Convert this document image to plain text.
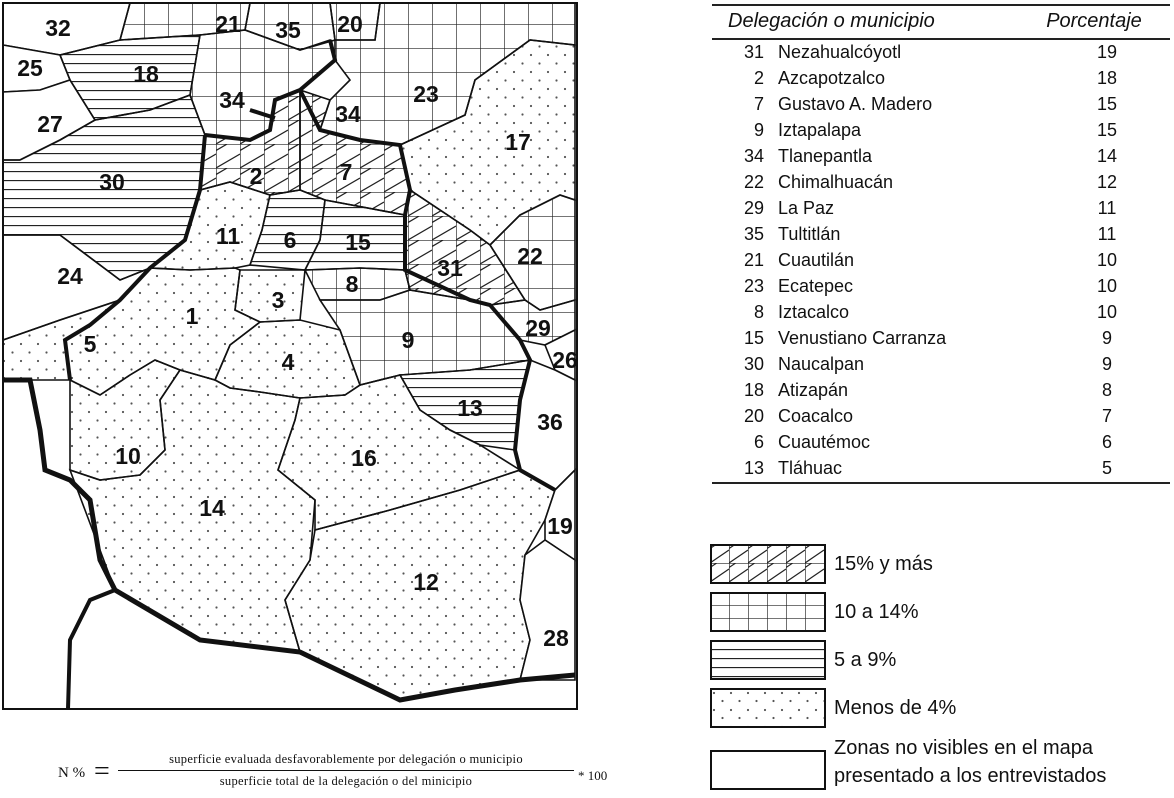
32	21 35 20
25	18
34
34
23
27
17
2	7
30
11 6 15
22
31
24	8
3
1	29
9
5
26
4
13
36
10	16
14
19
12
28
Delegación o municipio		Porcentaje
31	Nezahualcóyotl	19
2	Azcapotzalco	18
7	Gustavo A. Madero	15
9	Iztapalapa	15
34	Tlanepantla	14
22	Chimalhuacán	12
29	La Paz	11
35	Tultitlán	11
21	Cuautilán	10
23	Ecatepec	10
8	Iztacalco	10
15	Venustiano Carranza	9
30	Naucalpan	9
18	Atizapán	8
20	Coacalco	7
6	Cuautémoc	6
13	Tláhuac	5
15% y más
10 a 14%
5 a 9%
Menos de 4%
Zonas no visibles en el mapa
presentado a los entrevistados
N % =	superficie evaluada desfavorablemente por delegación o municipio
superficie total de la delegación o del minicipio	* 100
